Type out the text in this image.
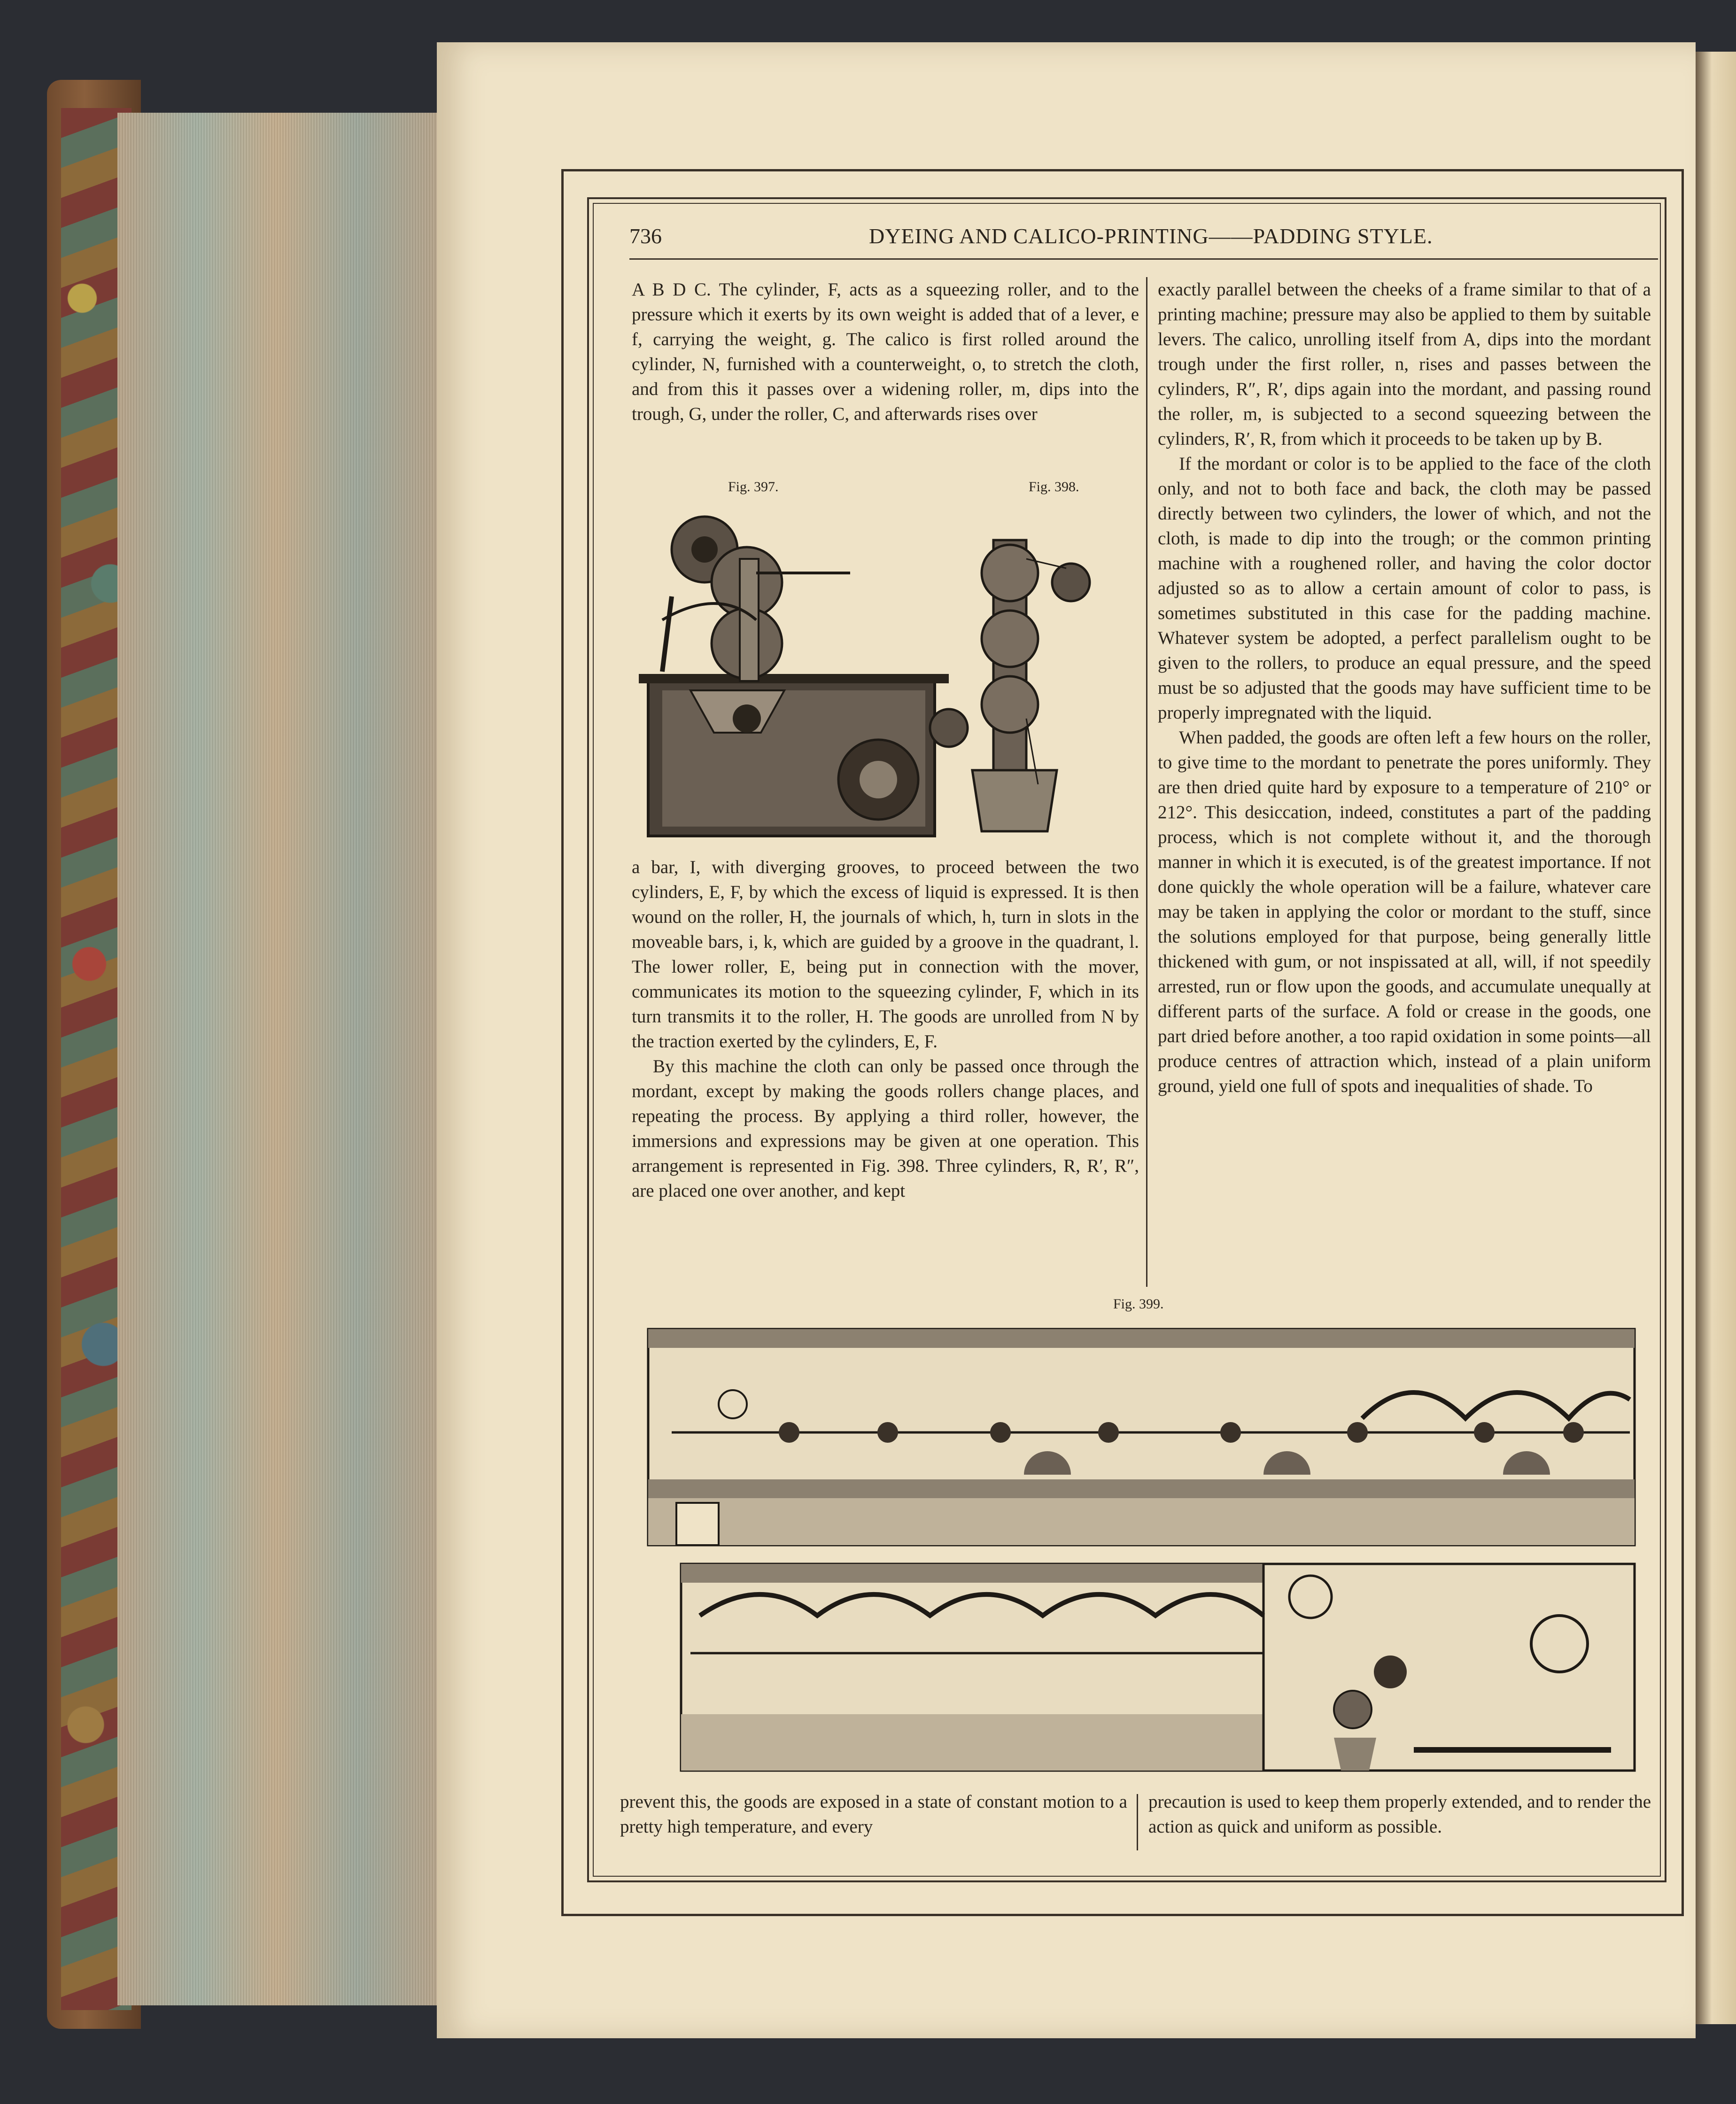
736	DYEING AND CALICO-PRINTING——PADDING STYLE.

A B D C. The cylinder, F, acts as a squeezing roller, and to the pressure which it exerts by its own weight is added that of a lever, e f, carrying the weight, g. The calico is first rolled around the cylinder, N, furnished with a counterweight, o, to stretch the cloth, and from this it passes over a widening roller, m, dips into the trough, G, under the roller, C, and afterwards rises over

Fig. 397.	Fig. 398.

a bar, I, with diverging grooves, to proceed between the two cylinders, E, F, by which the excess of liquid is expressed. It is then wound on the roller, H, the journals of which, h, turn in slots in the moveable bars, i, k, which are guided by a groove in the quadrant, l. The lower roller, E, being put in connection with the mover, communicates its motion to the squeezing cylinder, F, which in its turn transmits it to the roller, H. The goods are unrolled from N by the traction exerted by the cylinders, E, F.

By this machine the cloth can only be passed once through the mordant, except by making the goods rollers change places, and repeating the process. By applying a third roller, however, the immersions and expressions may be given at one operation. This arrangement is represented in Fig. 398. Three cylinders, R, R′, R″, are placed one over another, and kept

exactly parallel between the cheeks of a frame similar to that of a printing machine; pressure may also be applied to them by suitable levers. The calico, unrolling itself from A, dips into the mordant trough under the first roller, n, rises and passes between the cylinders, R″, R′, dips again into the mordant, and passing round the roller, m, is subjected to a second squeezing between the cylinders, R′, R, from which it proceeds to be taken up by B.

If the mordant or color is to be applied to the face of the cloth only, and not to both face and back, the cloth may be passed directly between two cylinders, the lower of which, and not the cloth, is made to dip into the trough; or the common printing machine with a roughened roller, and having the color doctor adjusted so as to allow a certain amount of color to pass, is sometimes substituted in this case for the padding machine. Whatever system be adopted, a perfect parallelism ought to be given to the rollers, to produce an equal pressure, and the speed must be so adjusted that the goods may have sufficient time to be properly impregnated with the liquid.

When padded, the goods are often left a few hours on the roller, to give time to the mordant to penetrate the pores uniformly. They are then dried quite hard by exposure to a temperature of 210° or 212°. This desiccation, indeed, constitutes a part of the padding process, which is not complete without it, and the thorough manner in which it is executed, is of the greatest importance. If not done quickly the whole operation will be a failure, whatever care may be taken in applying the color or mordant to the stuff, since the solutions employed for that purpose, being generally little thickened with gum, or not inspissated at all, will, if not speedily arrested, run or flow upon the goods, and accumulate unequally at different parts of the surface. A fold or crease in the goods, one part dried before another, a too rapid oxidation in some points—all produce centres of attraction which, instead of a plain uniform ground, yield one full of spots and inequalities of shade. To

Fig. 399.

prevent this, the goods are exposed in a state of constant motion to a pretty high temperature, and every

precaution is used to keep them properly extended, and to render the action as quick and uniform as possible.
